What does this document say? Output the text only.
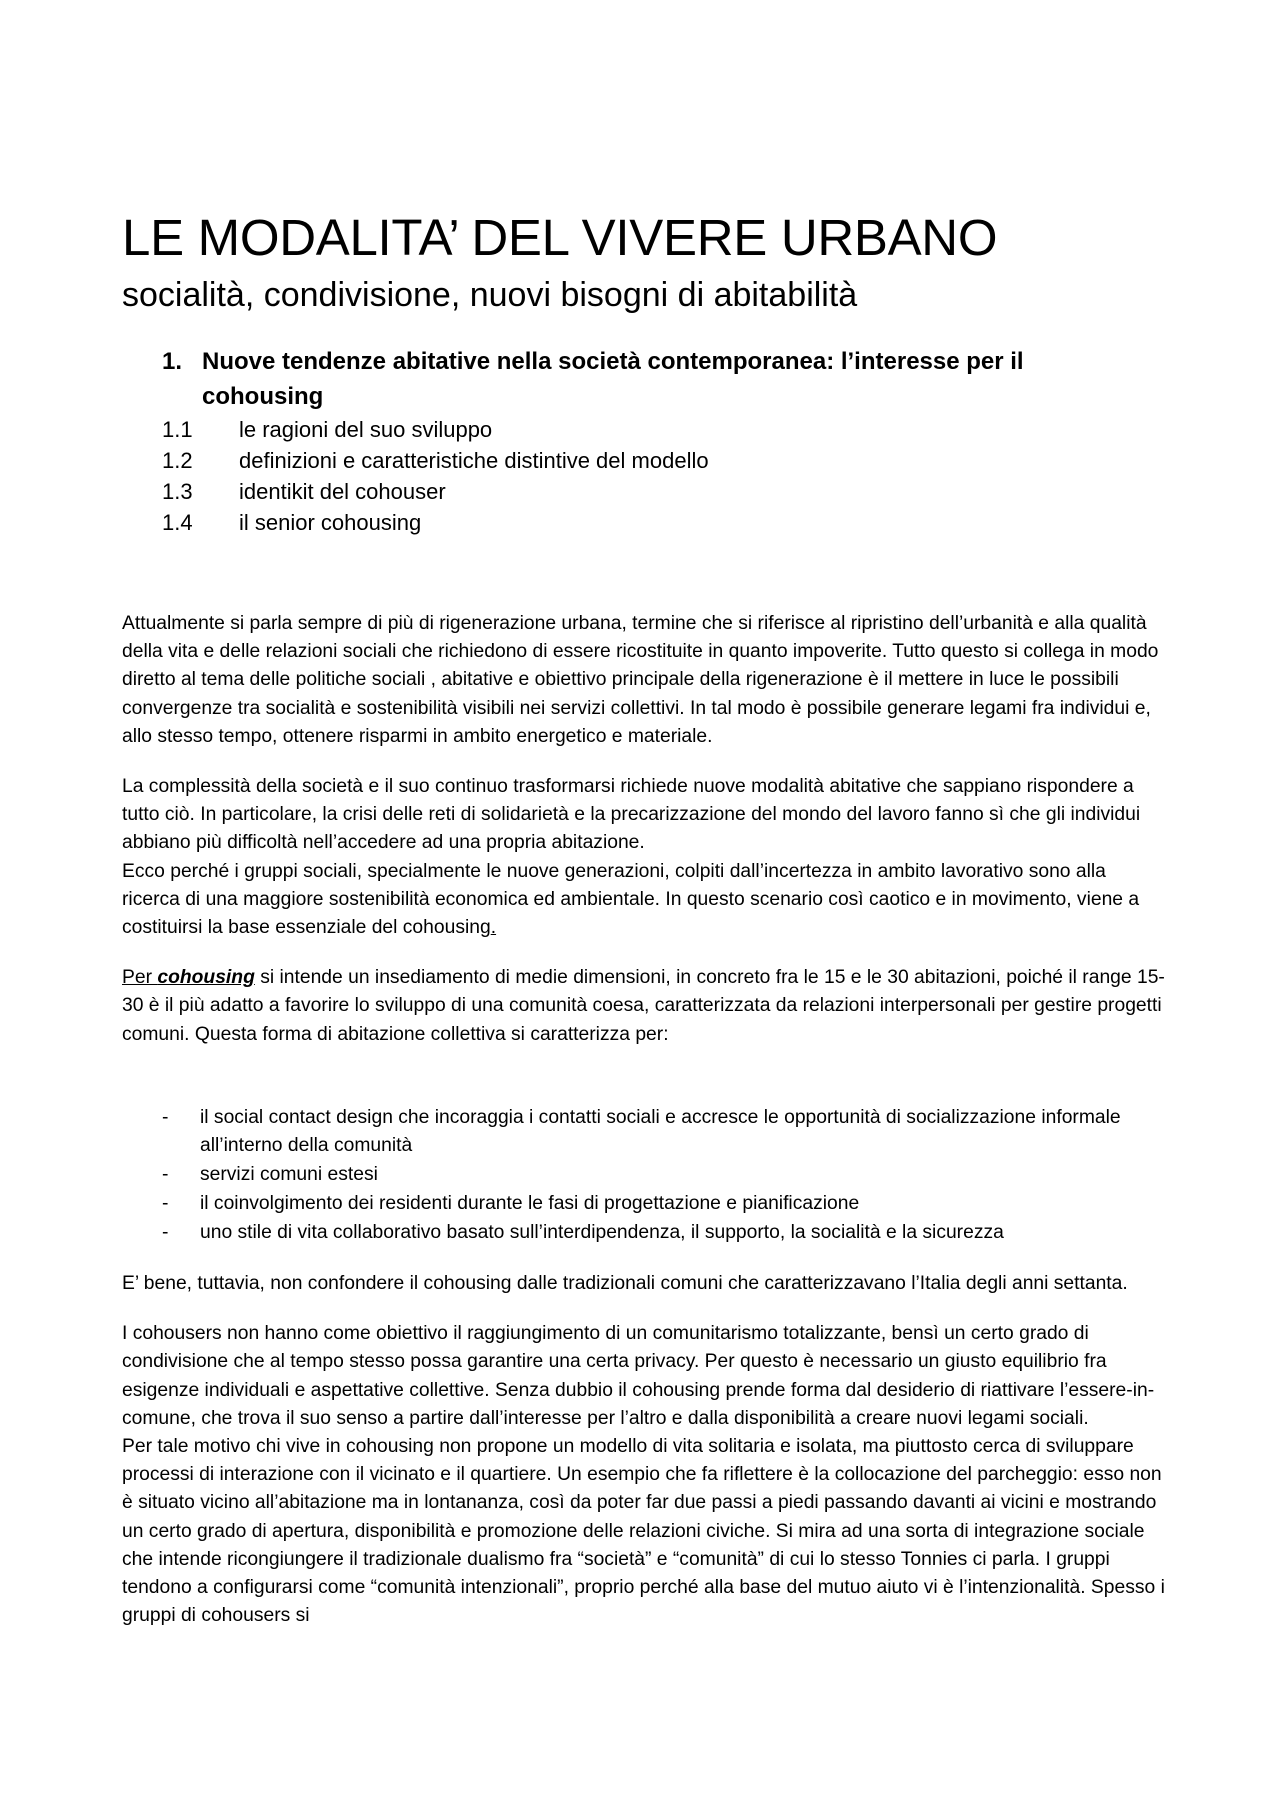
LE MODALITA’ DEL VIVERE URBANO
socialità, condivisione, nuovi bisogni di abitabilità
1. Nuove tendenze abitative nella società contemporanea: l’interesse per il cohousing
1.1 le ragioni del suo sviluppo
1.2 definizioni e caratteristiche distintive del modello
1.3 identikit del cohouser
1.4 il senior cohousing

Attualmente si parla sempre di più di rigenerazione urbana, termine che si riferisce al ripristino dell’urbanità e alla qualità della vita e delle relazioni sociali che richiedono di essere ricostituite in quanto impoverite. Tutto questo si collega in modo diretto al tema delle politiche sociali , abitative e obiettivo principale della rigenerazione è il mettere in luce le possibili convergenze tra socialità e sostenibilità visibili nei servizi collettivi. In tal modo è possibile generare legami fra individui e, allo stesso tempo, ottenere risparmi in ambito energetico e materiale.

La complessità della società e il suo continuo trasformarsi richiede nuove modalità abitative che sappiano rispondere a tutto ciò. In particolare, la crisi delle reti di solidarietà e la precarizzazione del mondo del lavoro fanno sì che gli individui abbiano più difficoltà nell’accedere ad una propria abitazione.

Ecco perché i gruppi sociali, specialmente le nuove generazioni, colpiti dall’incertezza in ambito lavorativo sono alla ricerca di una maggiore sostenibilità economica ed ambientale. In questo scenario così caotico e in movimento, viene a costituirsi la base essenziale del cohousing.

Per cohousing si intende un insediamento di medie dimensioni, in concreto fra le 15 e le 30 abitazioni, poiché il range 15-30 è il più adatto a favorire lo sviluppo di una comunità coesa, caratterizzata da relazioni interpersonali per gestire progetti comuni. Questa forma di abitazione collettiva si caratterizza per:

-	il social contact design che incoraggia i contatti sociali e accresce le opportunità di socializzazione informale all’interno della comunità
-	servizi comuni estesi
-	il coinvolgimento dei residenti durante le fasi di progettazione e pianificazione
-	uno stile di vita collaborativo basato sull’interdipendenza, il supporto, la socialità e la sicurezza

E’ bene, tuttavia, non confondere il cohousing dalle tradizionali comuni che caratterizzavano l’Italia degli anni settanta.

I cohousers non hanno come obiettivo il raggiungimento di un comunitarismo totalizzante, bensì un certo grado di condivisione che al tempo stesso possa garantire una certa privacy. Per questo è necessario un giusto equilibrio fra esigenze individuali e aspettative collettive. Senza dubbio il cohousing prende forma dal desiderio di riattivare l’essere-in-comune, che trova il suo senso a partire dall’interesse per l’altro e dalla disponibilità a creare nuovi legami sociali.

Per tale motivo chi vive in cohousing non propone un modello di vita solitaria e isolata, ma piuttosto cerca di sviluppare processi di interazione con il vicinato e il quartiere. Un esempio che fa riflettere è la collocazione del parcheggio: esso non è situato vicino all’abitazione ma in lontananza, così da poter far due passi a piedi passando davanti ai vicini e mostrando un certo grado di apertura, disponibilità e promozione delle relazioni civiche. Si mira ad una sorta di integrazione sociale che intende ricongiungere il tradizionale dualismo fra “società” e “comunità” di cui lo stesso Tonnies ci parla. I gruppi tendono a configurarsi come “comunità intenzionali”, proprio perché alla base del mutuo aiuto vi è l’intenzionalità. Spesso i gruppi di cohousers si
